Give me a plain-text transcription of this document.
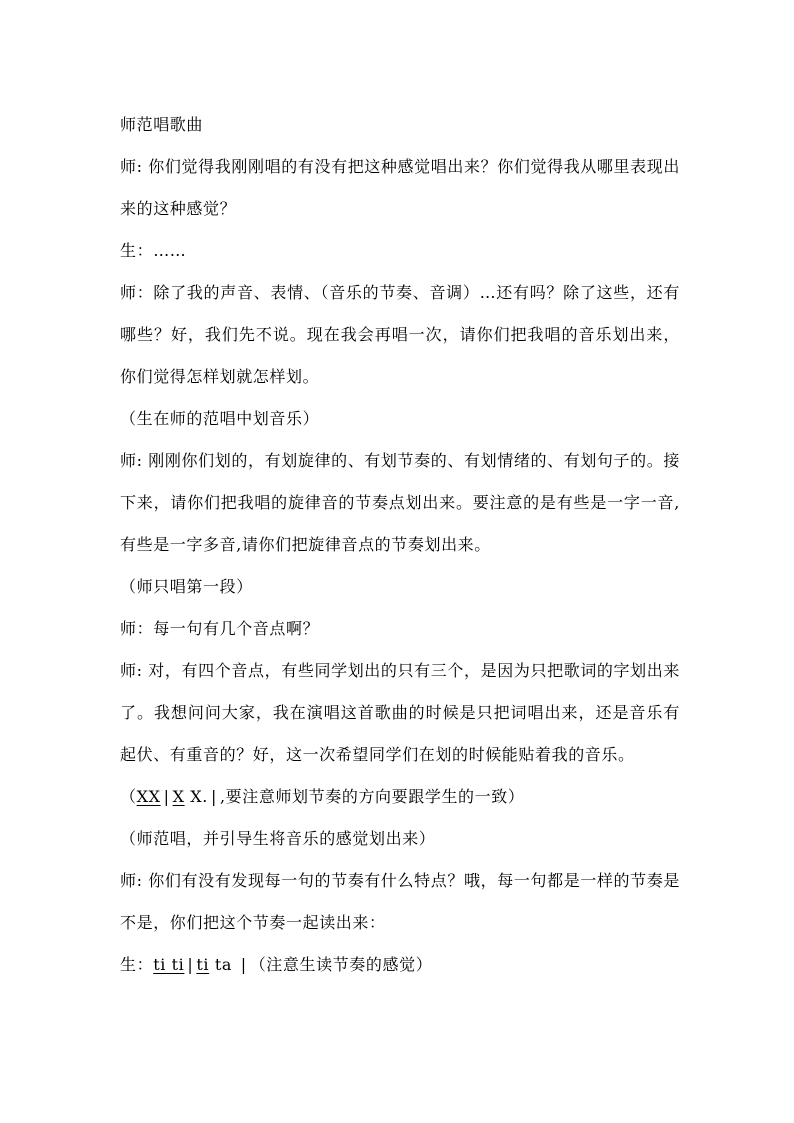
师范唱歌曲

师: 你们觉得我刚刚唱的有没有把这种感觉唱出来？你们觉得我从哪里表现出来的这种感觉？

生：……

师：除了我的声音、表情、（音乐的节奏、音调）…还有吗？除了这些，还有哪些？好，我们先不说。现在我会再唱一次，请你们把我唱的音乐划出来，你们觉得怎样划就怎样划。

（生在师的范唱中划音乐）

师: 刚刚你们划的，有划旋律的、有划节奏的、有划情绪的、有划句子的。接下来，请你们把我唱的旋律音的节奏点划出来。要注意的是有些是一字一音,有些是一字多音,请你们把旋律音点的节奏划出来。

（师只唱第一段）

师：每一句有几个音点啊？

师: 对，有四个音点，有些同学划出的只有三个，是因为只把歌词的字划出来了。我想问问大家，我在演唱这首歌曲的时候是只把词唱出来，还是音乐有起伏、有重音的？好，这一次希望同学们在划的时候能贴着我的音乐。

（XX | X X. | ,要注意师划节奏的方向要跟学生的一致）

（师范唱，并引导生将音乐的感觉划出来）

师: 你们有没有发现每一句的节奏有什么特点？哦，每一句都是一样的节奏是不是，你们把这个节奏一起读出来：

生：ti ti | ti ta | （注意生读节奏的感觉）
